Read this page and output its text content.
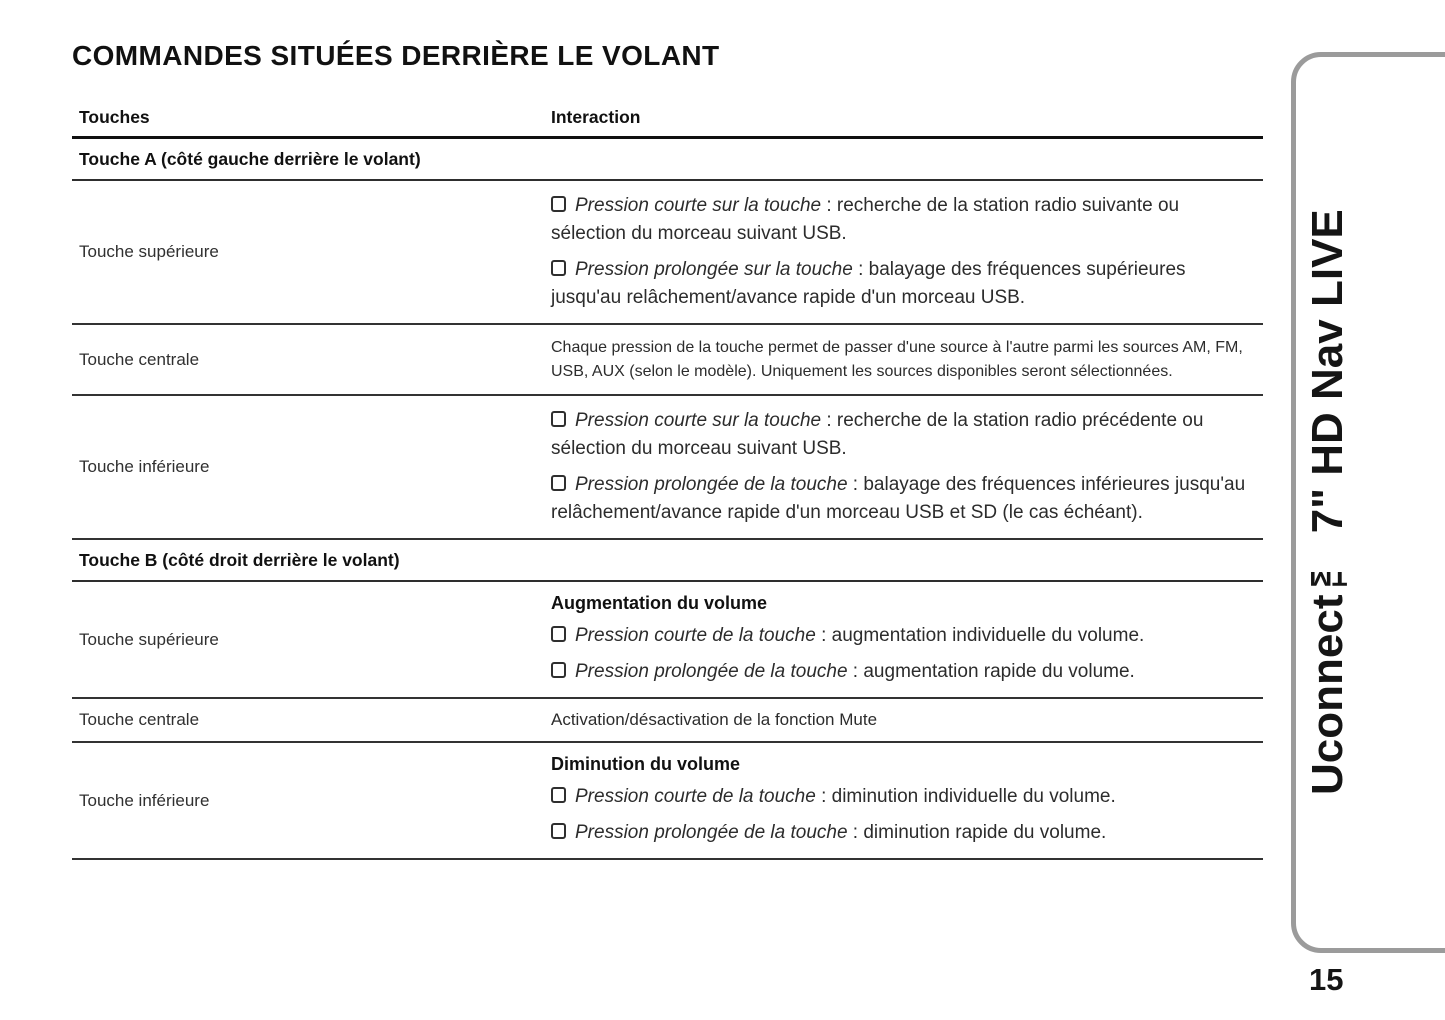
COMMANDES SITUÉES DERRIÈRE LE VOLANT
Touches	Interaction
Touche A (côté gauche derrière le volant)
Touche supérieure

Pression courte sur la touche : recherche de la station radio suivante ou sélection du morceau suivant USB.

Pression prolongée sur la touche : balayage des fréquences supérieures jusqu'au relâchement/avance rapide d'un morceau USB.

Touche centrale

Chaque pression de la touche permet de passer d'une source à l'autre parmi les sources AM, FM, USB, AUX (selon le modèle). Uniquement les sources disponibles seront sélectionnées.

Touche inférieure

Pression courte sur la touche : recherche de la station radio précédente ou sélection du morceau suivant USB.

Pression prolongée de la touche : balayage des fréquences inférieures jusqu'au relâchement/avance rapide d'un morceau USB et SD (le cas échéant).

Touche B (côté droit derrière le volant)
Touche supérieure

Augmentation du volume

Pression courte de la touche : augmentation individuelle du volume.

Pression prolongée de la touche : augmentation rapide du volume.

Touche centrale	Activation/désactivation de la fonction Mute

Touche inférieure

Diminution du volume

Pression courte de la touche : diminution individuelle du volume.

Pression prolongée de la touche : diminution rapide du volume.

Uconnect™ 7" HD Nav LIVE
15
